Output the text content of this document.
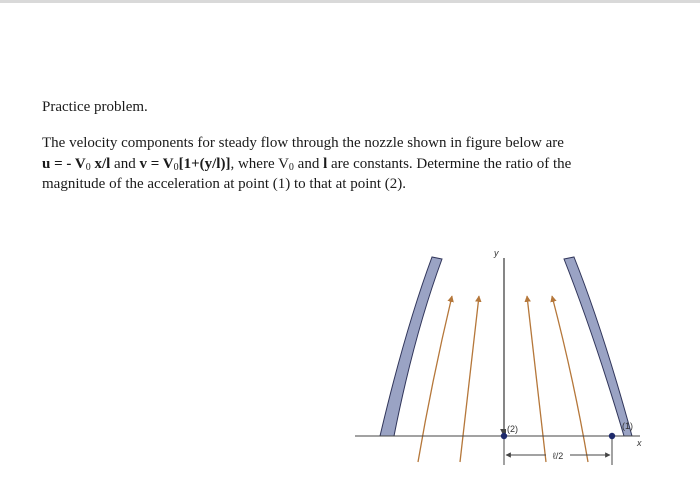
Practice problem.
The velocity components for steady flow through the nozzle shown in figure below are
u = - $V_0$ x/l and $v = V_0[1+(y/l)]$, where $V_0$ and l are constants. Determine the ratio of the
magnitude of the acceleration at point (1) to that at point (2).
ℓ/2
(2)	(1)
y
x
